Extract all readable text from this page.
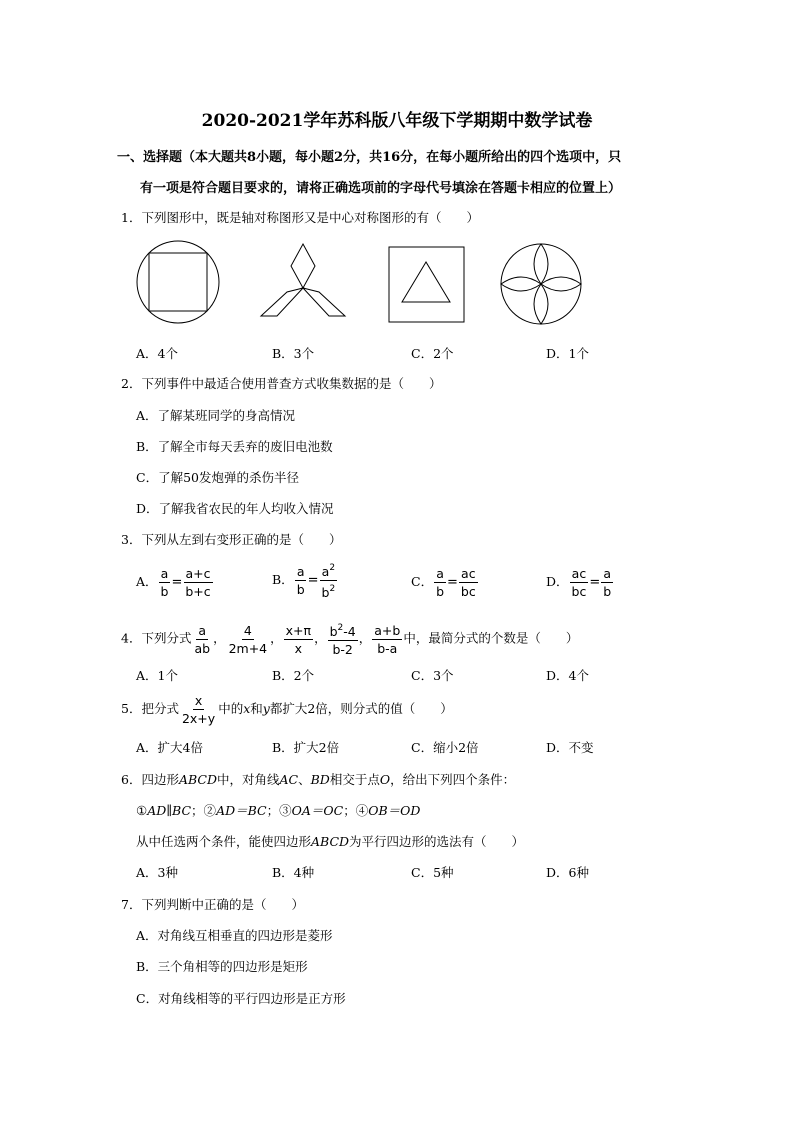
2020-2021学年苏科版八年级下学期期中数学试卷
一、选择题（本大题共8小题，每小题2分，共16分，在每小题所给出的四个选项中，只
有一项是符合题目要求的，请将正确选项前的字母代号填涂在答题卡相应的位置上）
1．下列图形中，既是轴对称图形又是中心对称图形的有（　　）
A．4个	B．3个	C．2个	D．1个
2．下列事件中最适合使用普查方式收集数据的是（　　）
A．了解某班同学的身高情况
B．了解全市每天丢弃的废旧电池数
C．了解50发炮弹的杀伤半径
D．了解我省农民的年人均收入情况
3．下列从左到右变形正确的是（　　）
A． $\frac{a}{b} = \frac{a+c}{b+c}$	B． $\frac{a}{b} = \frac{a^2}{b^2}$	C． $\frac{a}{b} = \frac{ac}{bc}$	D． $\frac{ac}{bc} = \frac{a}{b}$
4．下列分式 $\frac{a}{ab}$ ， $\frac{4}{2m+4}$ ， $\frac{x+\pi}{x}$ ， $\frac{b^2-4}{b-2}$ ， $\frac{a+b}{b-a}$ 中，最简分式的个数是（　　）
A．1个	B．2个	C．3个	D．4个
5．把分式 $\frac{x}{2x+y}$ 中的x和y都扩大2倍，则分式的值（　　）
A．扩大4倍	B．扩大2倍	C．缩小2倍	D．不变
6．四边形ABCD中，对角线AC、BD相交于点O，给出下列四个条件：
①AD∥BC；②AD＝BC；③OA＝OC；④OB＝OD
从中任选两个条件，能使四边形ABCD为平行四边形的选法有（　　）
A．3种	B．4种	C．5种	D．6种
7．下列判断中正确的是（　　）
A．对角线互相垂直的四边形是菱形
B．三个角相等的四边形是矩形
C．对角线相等的平行四边形是正方形
